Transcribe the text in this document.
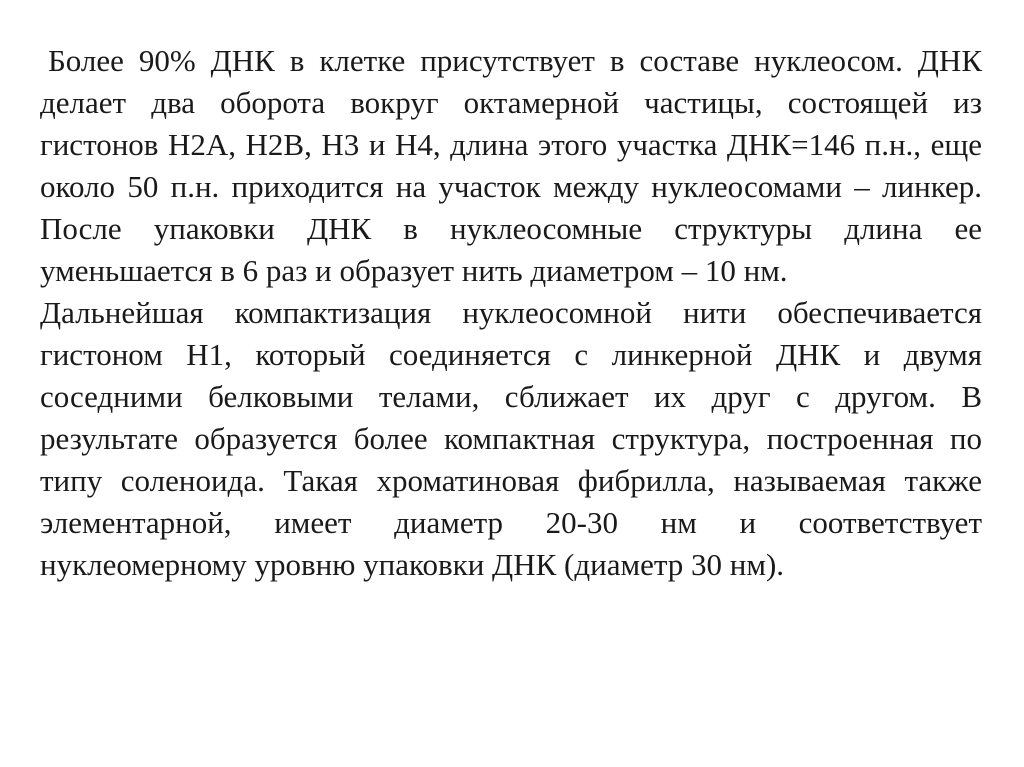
Более 90% ДНК в клетке присутствует в составе нуклеосом. ДНК делает два оборота вокруг октамерной частицы, состоящей из гистонов Н2А, Н2В, Н3 и Н4, длина этого участка ДНК=146 п.н., еще около 50 п.н. приходится на участок между нуклеосомами – линкер. После упаковки ДНК в нуклеосомные структуры длина ее уменьшается в 6 раз и образует нить диаметром – 10 нм.

Дальнейшая компактизация нуклеосомной нити обеспечивается гистоном Н1, который соединяется с линкерной ДНК и двумя соседними белковыми телами, сближает их друг с другом. В результате образуется более компактная структура, построенная по типу соленоида. Такая хроматиновая фибрилла, называемая также элементарной, имеет диаметр 20-30 нм и соответствует нуклеомерному уровню упаковки ДНК (диаметр 30 нм).
